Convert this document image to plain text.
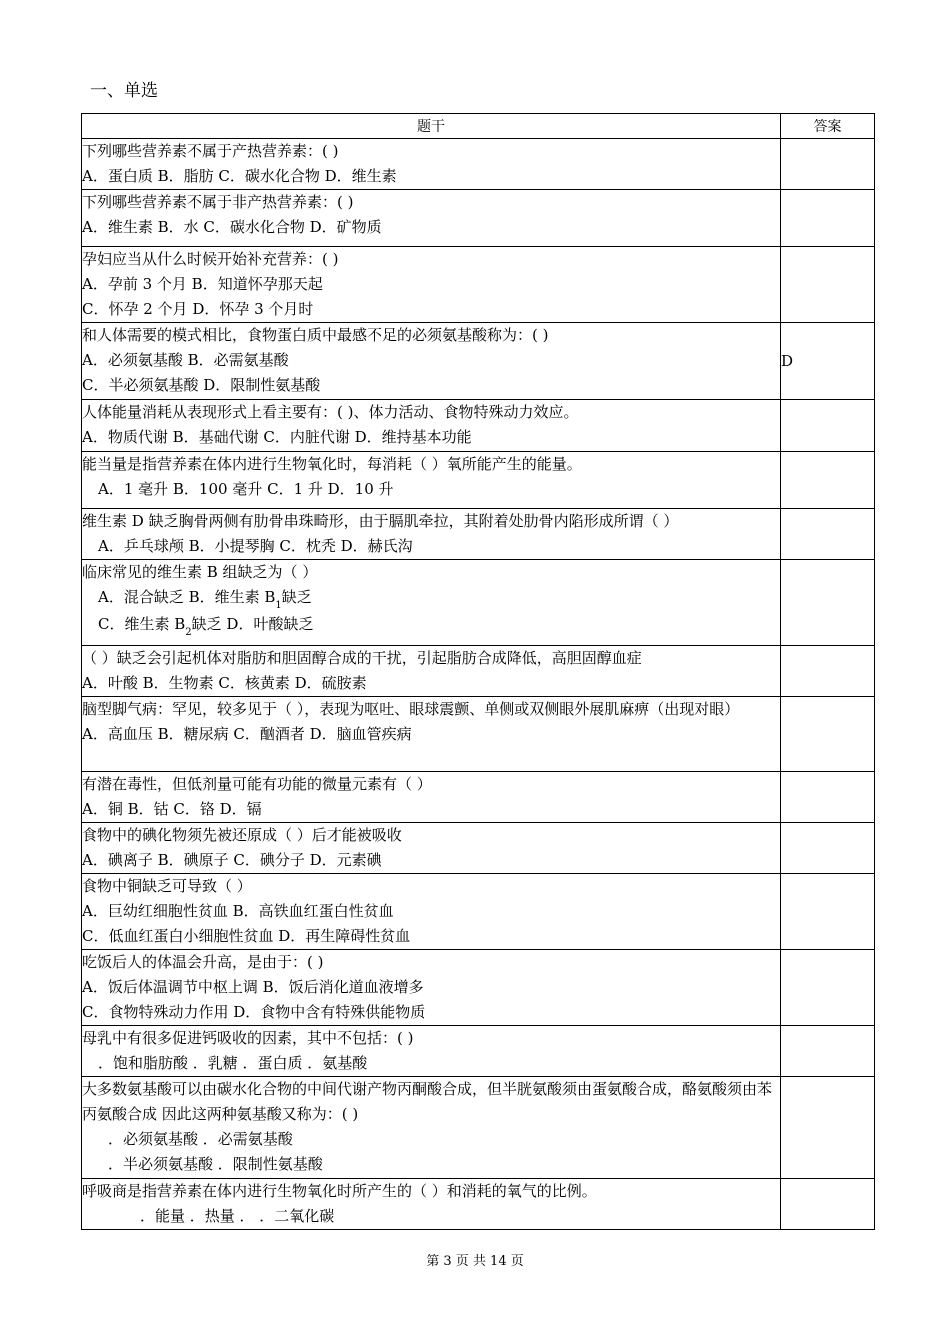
一、单选
题干	答案

下列哪些营养素不属于产热营养素：( )
A．蛋白质 B．脂肪 C．碳水化合物 D．维生素	

下列哪些营养素不属于非产热营养素：( )
A．维生素 B．水 C．碳水化合物 D．矿物质	

孕妇应当从什么时候开始补充营养：( )
A．孕前 3 个月 B．知道怀孕那天起
C．怀孕 2 个月 D．怀孕 3 个月时	

和人体需要的模式相比，食物蛋白质中最感不足的必须氨基酸称为：( )
A．必须氨基酸 B．必需氨基酸
C．半必须氨基酸 D．限制性氨基酸	D

人体能量消耗从表现形式上看主要有：( )、体力活动、食物特殊动力效应。
A．物质代谢 B．基础代谢 C．内脏代谢 D．维持基本功能	

能当量是指营养素在体内进行生物氧化时，每消耗（ ）氧所能产生的能量。
A．1 毫升 B．100 毫升 C．1 升 D．10 升	

维生素 D 缺乏胸骨两侧有肋骨串珠畸形，由于膈肌牵拉，其附着处肋骨内陷形成所谓（ ）
A．乒乓球颅 B．小提琴胸 C．枕秃 D．赫氏沟	

临床常见的维生素 B 组缺乏为（ ）
A．混合缺乏 B．维生素 $B_1$缺乏
C．维生素 $B_2$缺乏 D．叶酸缺乏	

（ ）缺乏会引起机体对脂肪和胆固醇合成的干扰，引起脂肪合成降低，高胆固醇血症
A．叶酸 B．生物素 C．核黄素 D．硫胺素	

脑型脚气病：罕见，较多见于（ ），表现为呕吐、眼球震颤、单侧或双侧眼外展肌麻痹（出现对眼）
A．高血压 B．糖尿病 C．酗酒者 D．脑血管疾病	

有潜在毒性，但低剂量可能有功能的微量元素有（ ）
A．铜 B．钴 C．铬 D．镉	

食物中的碘化物须先被还原成（ ）后才能被吸收
A．碘离子 B．碘原子 C．碘分子 D．元素碘	

食物中铜缺乏可导致（ ）
A．巨幼红细胞性贫血 B．高铁血红蛋白性贫血
C．低血红蛋白小细胞性贫血 D．再生障碍性贫血	

吃饭后人的体温会升高，是由于：( )
A．饭后体温调节中枢上调 B．饭后消化道血液增多
C．食物特殊动力作用 D．食物中含有特殊供能物质	

母乳中有很多促进钙吸收的因素，其中不包括：( )
．饱和脂肪酸 ．乳糖 ．蛋白质 ．氨基酸	

大多数氨基酸可以由碳水化合物的中间代谢产物丙酮酸合成，但半胱氨酸须由蛋氨酸合成，酪氨酸须由苯丙氨酸合成 因此这两种氨基酸又称为：( )
．必须氨基酸 ．必需氨基酸
．半必须氨基酸 ．限制性氨基酸	

呼吸商是指营养素在体内进行生物氧化时所产生的（ ）和消耗的氧气的比例。
．能量 ．热量 ． ．二氧化碳	

第 3 页 共 14 页
